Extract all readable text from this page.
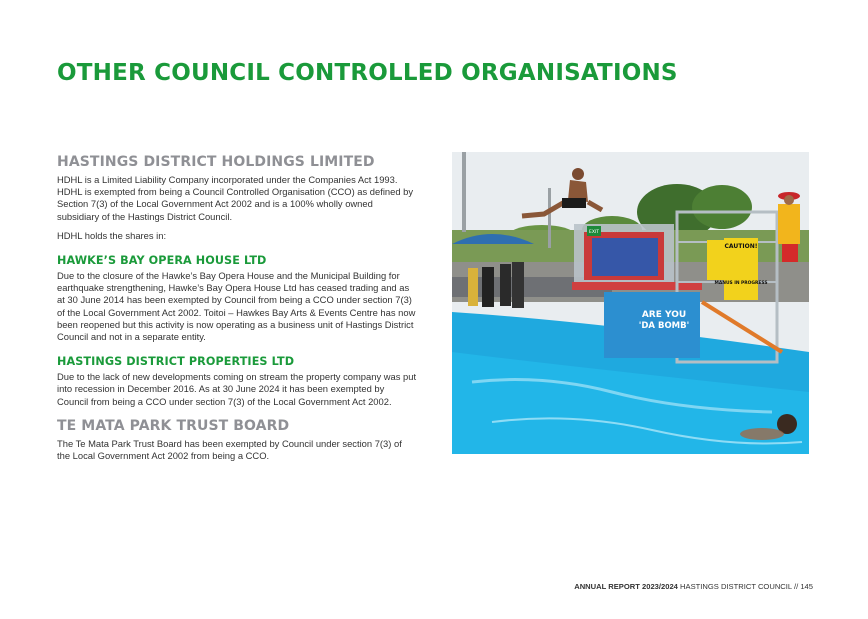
OTHER COUNCIL CONTROLLED ORGANISATIONS
HASTINGS DISTRICT HOLDINGS LIMITED

HDHL is a Limited Liability Company incorporated under the Companies Act 1993. HDHL is exempted from being a Council Controlled Organisation (CCO) as defined by Section 7(3) of the Local Government Act 2002 and is a 100% wholly owned subsidiary of the Hastings District Council.

HDHL holds the shares in:

HAWKE’S BAY OPERA HOUSE LTD

Due to the closure of the Hawke’s Bay Opera House and the Municipal Building for earthquake strengthening, Hawke’s Bay Opera House Ltd has ceased trading and as at 30 June 2014 has been exempted by Council from being a CCO under section 7(3) of the Local Government Act 2002. Toitoi – Hawkes Bay Arts & Events Centre has now been reopened but this activity is now operating as a business unit of Hastings District Council and not in a separate entity.

HASTINGS DISTRICT PROPERTIES LTD

Due to the lack of new developments coming on stream the property company was put into recession in December 2016. As at 30 June 2024 it has been exempted by Council from being a CCO under section 7(3) of the Local Government Act 2002.

TE MATA PARK TRUST BOARD

The Te Mata Park Trust Board has been exempted by Council under section 7(3) of the Local Government Act 2002 from being a CCO.

CAUTION!
MANUS IN PROGRESS
ARE YOU
'DA BOMB'
EXIT
ANNUAL REPORT 2023/2024 HASTINGS DISTRICT COUNCIL // 145
